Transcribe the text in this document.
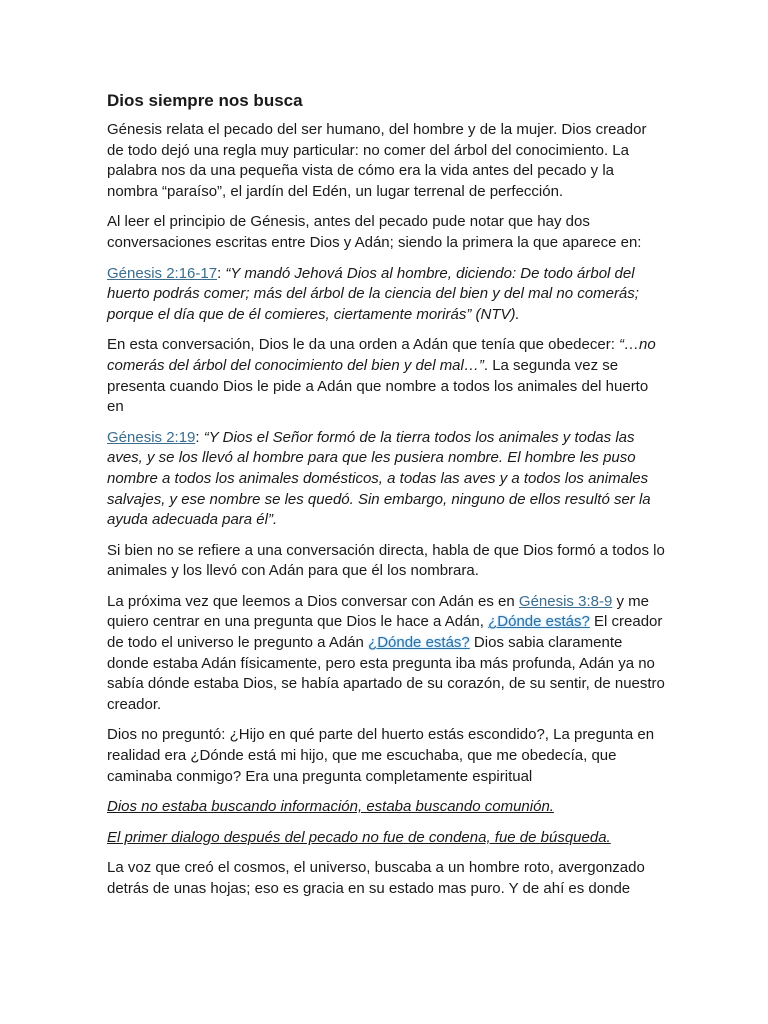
Dios siempre nos busca

Génesis relata el pecado del ser humano, del hombre y de la mujer. Dios creador de todo dejó una regla muy particular: no comer del árbol del conocimiento. La palabra nos da una pequeña vista de cómo era la vida antes del pecado y la nombra “paraíso”, el jardín del Edén, un lugar terrenal de perfección.

Al leer el principio de Génesis, antes del pecado pude notar que hay dos conversaciones escritas entre Dios y Adán; siendo la primera la que aparece en:

Génesis 2:16-17: “Y mandó Jehová Dios al hombre, diciendo: De todo árbol del huerto podrás comer; más del árbol de la ciencia del bien y del mal no comerás; porque el día que de él comieres, ciertamente morirás” (NTV).

En esta conversación, Dios le da una orden a Adán que tenía que obedecer: “…no comerás del árbol del conocimiento del bien y del mal…”. La segunda vez se presenta cuando Dios le pide a Adán que nombre a todos los animales del huerto en

Génesis 2:19: “Y Dios el Señor formó de la tierra todos los animales y todas las aves, y se los llevó al hombre para que les pusiera nombre. El hombre les puso nombre a todos los animales domésticos, a todas las aves y a todos los animales salvajes, y ese nombre se les quedó. Sin embargo, ninguno de ellos resultó ser la ayuda adecuada para él”.

Si bien no se refiere a una conversación directa, habla de que Dios formó a todos lo animales y los llevó con Adán para que él los nombrara.

La próxima vez que leemos a Dios conversar con Adán es en Génesis 3:8-9 y me quiero centrar en una pregunta que Dios le hace a Adán, ¿Dónde estás? El creador de todo el universo le pregunto a Adán ¿Dónde estás? Dios sabia claramente donde estaba Adán físicamente, pero esta pregunta iba más profunda, Adán ya no sabía dónde estaba Dios, se había apartado de su corazón, de su sentir, de nuestro creador.

Dios no preguntó: ¿Hijo en qué parte del huerto estás escondido?, La pregunta en realidad era ¿Dónde está mi hijo, que me escuchaba, que me obedecía, que caminaba conmigo? Era una pregunta completamente espiritual

Dios no estaba buscando información, estaba buscando comunión.

El primer dialogo después del pecado no fue de condena, fue de búsqueda.

La voz que creó el cosmos, el universo, buscaba a un hombre roto, avergonzado detrás de unas hojas; eso es gracia en su estado mas puro. Y de ahí es donde
